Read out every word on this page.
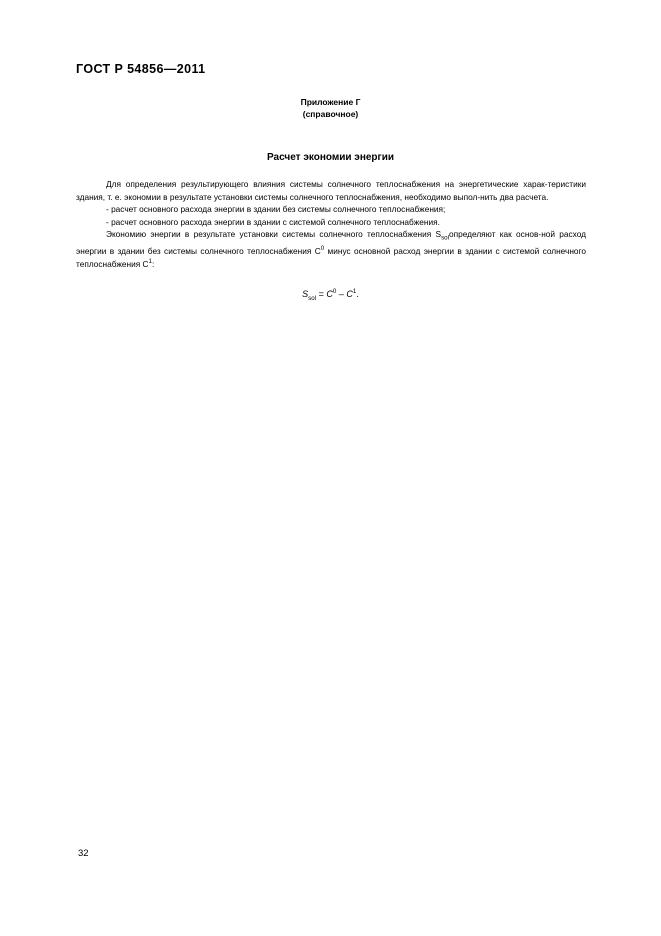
ГОСТ Р 54856—2011
Приложение Г
(справочное)
Расчет экономии энергии

Для определения результирующего влияния системы солнечного теплоснабжения на энергетические харак-теристики здания, т. е. экономии в результате установки системы солнечного теплоснабжения, необходимо выпол-нить два расчета.

- расчет основного расхода энергии в здании без системы солнечного теплоснабжения;

- расчет основного расхода энергии в здании с системой солнечного теплоснабжения.

Экономию энергии в результате установки системы солнечного теплоснабжения $S_{sol}определяют$ как основ-ной расход энергии в здании без системы солнечного теплоснабжения $C^0$ минус основной расход энергии в здании с системой солнечного теплоснабжения $C^1$:

$S_{sol} = C^0 - C^1$.
32
